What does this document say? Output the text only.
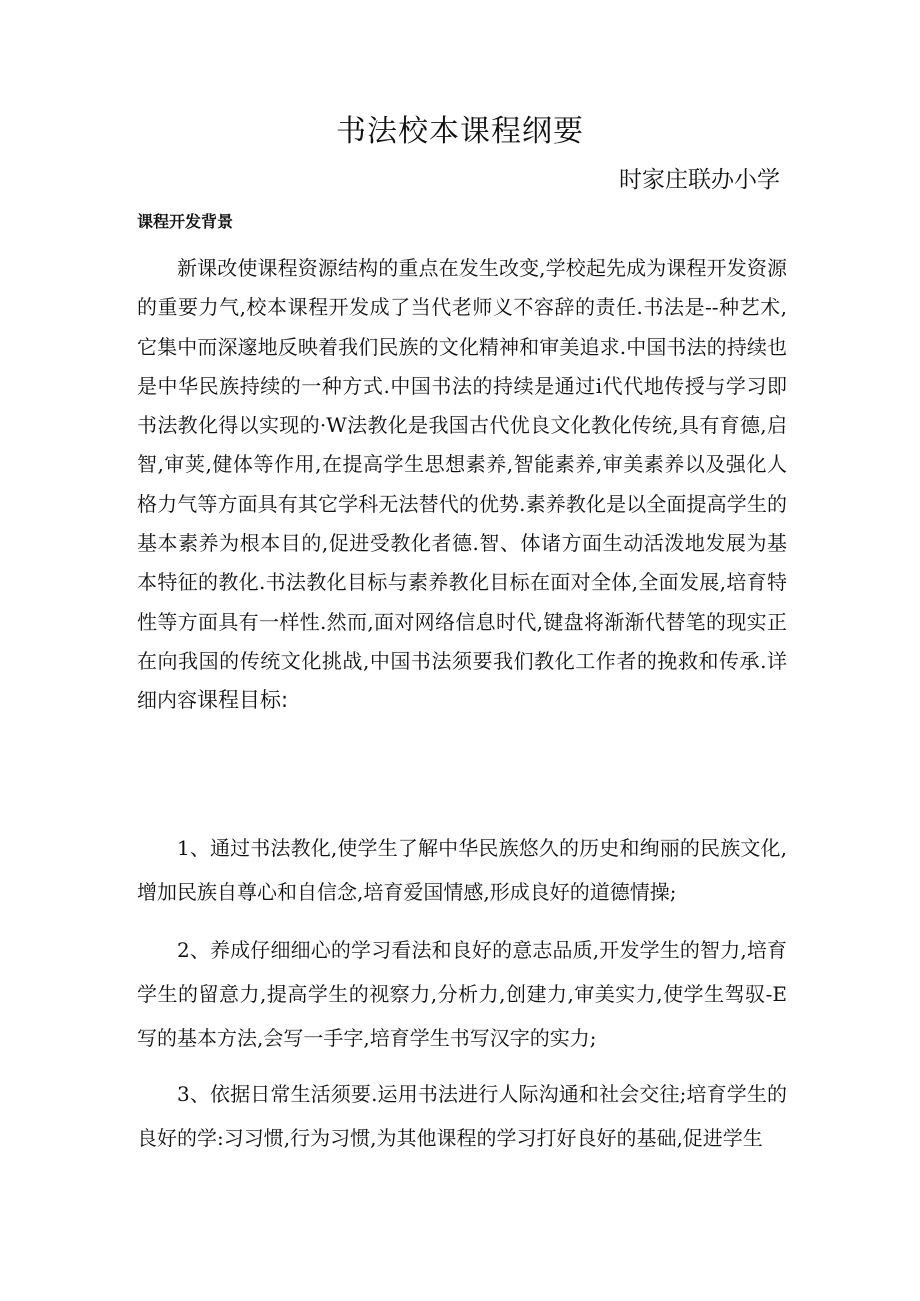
书法校本课程纲要
时家庄联办小学
课程开发背景

新课改使课程资源结构的重点在发生改变,学校起先成为课程开发资源的重要力气,校本课程开发成了当代老师义不容辞的责任.书法是--种艺术,它集中而深邃地反映着我们民族的文化精神和审美追求.中国书法的持续也是中华民族持续的一种方式.中国书法的持续是通过i代代地传授与学习即书法教化得以实现的·W法教化是我国古代优良文化教化传统,具有育德,启智,审荚,健体等作用,在提高学生思想素养,智能素养,审美素养以及强化人格力气等方面具有其它学科无法替代的优势.素养教化是以全面提高学生的基本素养为根本目的,促进受教化者德.智、体诸方面生动活泼地发展为基本特征的教化.书法教化目标与素养教化目标在面对全体,全面发展,培育特性等方面具有一样性.然而,面对网络信息时代,键盘将渐渐代替笔的现实正在向我国的传统文化挑战,中国书法须要我们教化工作者的挽救和传承.详细内容课程目标:

1、通过书法教化,使学生了解中华民族悠久的历史和绚丽的民族文化,增加民族自尊心和自信念,培育爱国情感,形成良好的道德情操;

2、养成仔细细心的学习看法和良好的意志品质,开发学生的智力,培育学生的留意力,提高学生的视察力,分析力,创建力,审美实力,使学生驾驭-E写的基本方法,会写一手字,培育学生书写汉字的实力;

3、依据日常生活须要.运用书法进行人际沟通和社会交往;培育学生的良好的学:习习惯,行为习惯,为其他课程的学习打好良好的基础,促进学生
